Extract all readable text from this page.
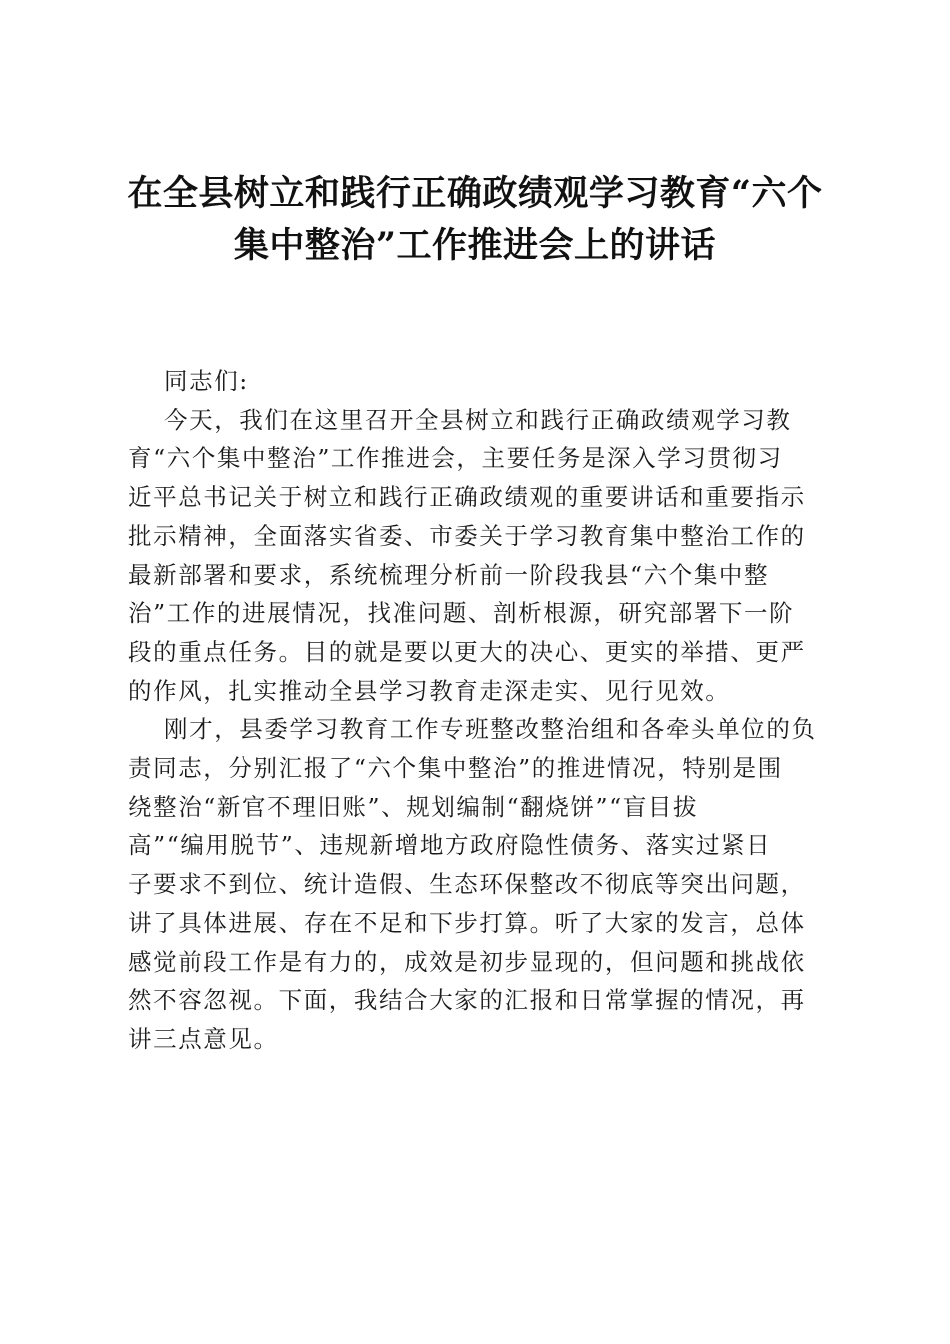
在全县树立和践行正确政绩观学习教育“六个
集中整治”工作推进会上的讲话

同志们:

今天，我们在这里召开全县树立和践行正确政绩观学习教
育“六个集中整治”工作推进会，主要任务是深入学习贯彻习
近平总书记关于树立和践行正确政绩观的重要讲话和重要指示
批示精神，全面落实省委、市委关于学习教育集中整治工作的
最新部署和要求，系统梳理分析前一阶段我县“六个集中整
治”工作的进展情况，找准问题、剖析根源，研究部署下一阶
段的重点任务。目的就是要以更大的决心、更实的举措、更严
的作风，扎实推动全县学习教育走深走实、见行见效。

刚才，县委学习教育工作专班整改整治组和各牵头单位的负
责同志，分别汇报了“六个集中整治”的推进情况，特别是围
绕整治“新官不理旧账”、规划编制“翻烧饼”“盲目拔
高”“编用脱节”、违规新增地方政府隐性债务、落实过紧日
子要求不到位、统计造假、生态环保整改不彻底等突出问题，
讲了具体进展、存在不足和下步打算。听了大家的发言，总体
感觉前段工作是有力的，成效是初步显现的，但问题和挑战依
然不容忽视。下面，我结合大家的汇报和日常掌握的情况，再
讲三点意见。
